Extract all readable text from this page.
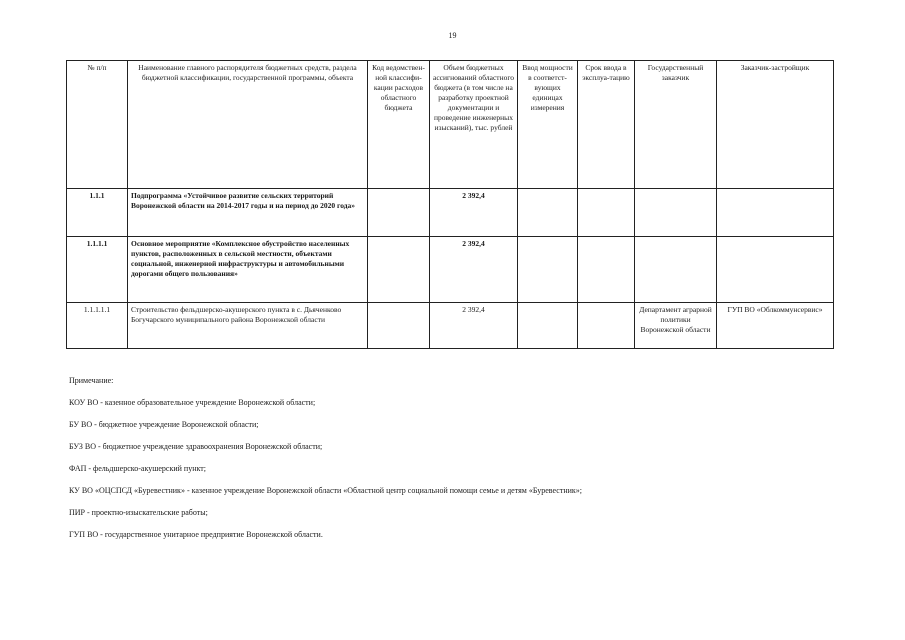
19
№ п/п	Наименование главного распорядителя бюджетных средств, раздела бюджетной классификации, государственной программы, объекта	Код ведомствен-ной классифи-кации расходов областного бюджета	Объем бюджетных ассигнований областного бюджета (в том числе на разработку проектной документации и проведение инженерных изысканий), тыс. рублей	Ввод мощности в соответст-вующих единицах измерения	Срок ввода в эксплуа-тацию	Государственный заказчик	Заказчик-застройщик
1.1.1	Подпрограмма «Устойчивое развитие сельских территорий Воронежской области на 2014-2017 годы и на период до 2020 года»		2 392,4				
1.1.1.1	Основное мероприятие «Комплексное обустройство населенных пунктов, расположенных в сельской местности, объектами социальной, инженерной инфраструктуры и автомобильными дорогами общего пользования»		2 392,4				
1.1.1.1.1	Строительство фельдшерско-акушерского пункта в с. Дьяченково Богучарского муниципального района Воронежской области		2 392,4			Департамент аграрной политики Воронежской области	ГУП ВО «Облкоммунсервис»
Примечание:
КОУ ВО - казенное образовательное учреждение Воронежской области;
БУ ВО - бюджетное учреждение Воронежской области;
БУЗ ВО - бюджетное учреждение здравоохранения Воронежской области;
ФАП - фельдшерско-акушерский пункт;
КУ ВО «ОЦСПСД «Буревестник» - казенное учреждение Воронежской области «Областной центр социальной помощи семье и детям «Буревестник»;
ПИР - проектно-изыскательские работы;
ГУП ВО - государственное унитарное предприятие Воронежской области.
